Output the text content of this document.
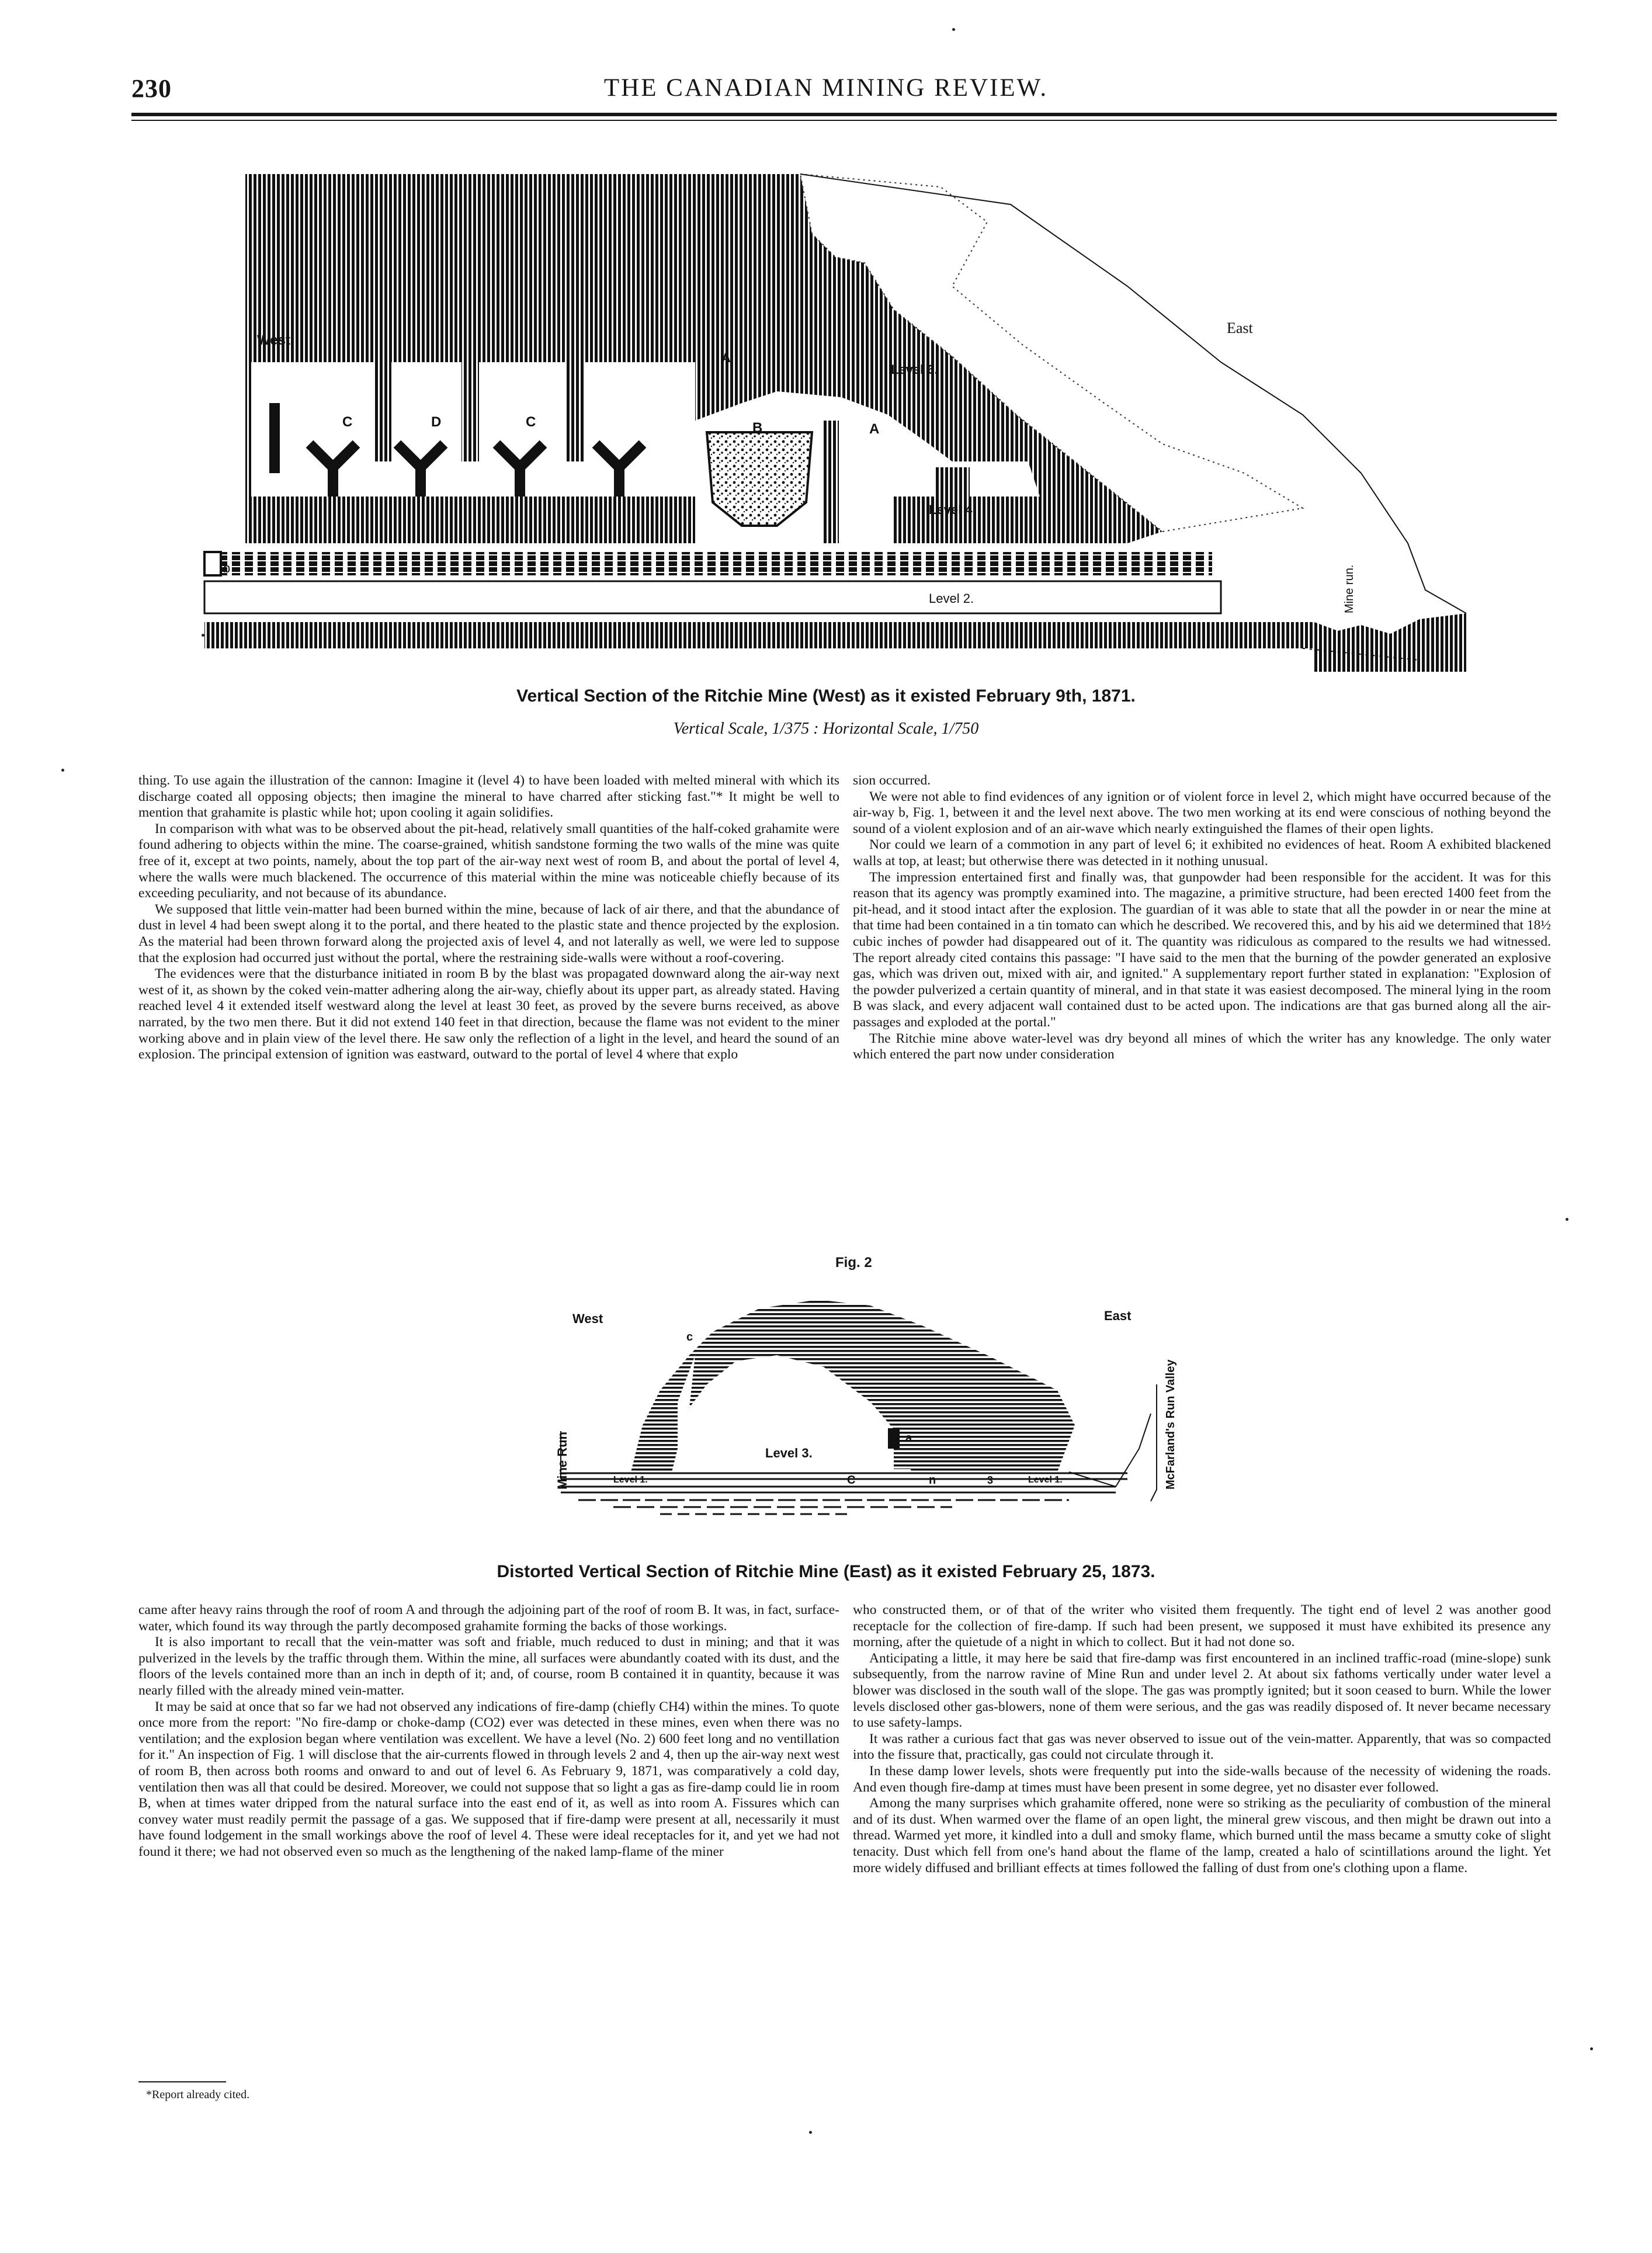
230	THE CANADIAN MINING REVIEW.
West
East
Level 6.
Level 4
Level 2.
A
A
B
C	C
D
b	Mine run.
Vertical Section of the Ritchie Mine (West) as it existed February 9th, 1871.
Vertical Scale, 1/375 : Horizontal Scale, 1/750

thing. To use again the illustration of the cannon: Imagine it (level 4) to have been loaded with melted mineral with which its discharge coated all opposing objects; then imagine the mineral to have charred after sticking fast."* It might be well to mention that grahamite is plastic while hot; upon cooling it again solidifies.

In comparison with what was to be observed about the pit-head, relatively small quantities of the half-coked grahamite were found adhering to objects within the mine. The coarse-grained, whitish sandstone forming the two walls of the mine was quite free of it, except at two points, namely, about the top part of the air-way next west of room B, and about the portal of level 4, where the walls were much blackened. The occurrence of this material within the mine was noticeable chiefly because of its exceeding peculiarity, and not because of its abundance.

We supposed that little vein-matter had been burned within the mine, because of lack of air there, and that the abundance of dust in level 4 had been swept along it to the portal, and there heated to the plastic state and thence projected by the explosion. As the material had been thrown forward along the projected axis of level 4, and not laterally as well, we were led to suppose that the explosion had occurred just without the portal, where the restraining side-walls were without a roof-covering.

The evidences were that the disturbance initiated in room B by the blast was propagated downward along the air-way next west of it, as shown by the coked vein-matter adhering along the air-way, chiefly about its upper part, as already stated. Having reached level 4 it extended itself westward along the level at least 30 feet, as proved by the severe burns received, as above narrated, by the two men there. But it did not extend 140 feet in that direction, because the flame was not evident to the miner working above and in plain view of the level there. He saw only the reflection of a light in the level, and heard the sound of an explosion. The principal extension of ignition was eastward, outward to the portal of level 4 where that explo

sion occurred.

We were not able to find evidences of any ignition or of violent force in level 2, which might have occurred because of the air-way b, Fig. 1, between it and the level next above. The two men working at its end were conscious of nothing beyond the sound of a violent explosion and of an air-wave which nearly extinguished the flames of their open lights.

Nor could we learn of a commotion in any part of level 6; it exhibited no evidences of heat. Room A exhibited blackened walls at top, at least; but otherwise there was detected in it nothing unusual.

The impression entertained first and finally was, that gunpowder had been responsible for the accident. It was for this reason that its agency was promptly examined into. The magazine, a primitive structure, had been erected 1400 feet from the pit-head, and it stood intact after the explosion. The guardian of it was able to state that all the powder in or near the mine at that time had been contained in a tin tomato can which he described. We recovered this, and by his aid we determined that 18½ cubic inches of powder had disappeared out of it. The quantity was ridiculous as compared to the results we had witnessed. The report already cited contains this passage: "I have said to the men that the burning of the powder generated an explosive gas, which was driven out, mixed with air, and ignited." A supplementary report further stated in explanation: "Explosion of the powder pulverized a certain quantity of mineral, and in that state it was easiest decomposed. The mineral lying in the room B was slack, and every adjacent wall contained dust to be acted upon. The indications are that gas burned along all the air-passages and exploded at the portal."

The Ritchie mine above water-level was dry beyond all mines of which the writer has any knowledge. The only water which entered the part now under consideration

Fig. 2
West	East
Mine Run	McFarland's Run Valley
Level 3.
Level 1.	Level 1.
c
C
a
n	3
Distorted Vertical Section of Ritchie Mine (East) as it existed February 25, 1873.

came after heavy rains through the roof of room A and through the adjoining part of the roof of room B. It was, in fact, surface-water, which found its way through the partly decomposed grahamite forming the backs of those workings.

It is also important to recall that the vein-matter was soft and friable, much reduced to dust in mining; and that it was pulverized in the levels by the traffic through them. Within the mine, all surfaces were abundantly coated with its dust, and the floors of the levels contained more than an inch in depth of it; and, of course, room B contained it in quantity, because it was nearly filled with the already mined vein-matter.

It may be said at once that so far we had not observed any indications of fire-damp (chiefly CH4) within the mines. To quote once more from the report: "No fire-damp or choke-damp (CO2) ever was detected in these mines, even when there was no ventilation; and the explosion began where ventilation was excellent. We have a level (No. 2) 600 feet long and no ventillation for it." An inspection of Fig. 1 will disclose that the air-currents flowed in through levels 2 and 4, then up the air-way next west of room B, then across both rooms and onward to and out of level 6. As February 9, 1871, was comparatively a cold day, ventilation then was all that could be desired. Moreover, we could not suppose that so light a gas as fire-damp could lie in room B, when at times water dripped from the natural surface into the east end of it, as well as into room A. Fissures which can convey water must readily permit the passage of a gas. We supposed that if fire-damp were present at all, necessarily it must have found lodgement in the small workings above the roof of level 4. These were ideal receptacles for it, and yet we had not found it there; we had not observed even so much as the lengthening of the naked lamp-flame of the miner

who constructed them, or of that of the writer who visited them frequently. The tight end of level 2 was another good receptacle for the collection of fire-damp. If such had been present, we supposed it must have exhibited its presence any morning, after the quietude of a night in which to collect. But it had not done so.

Anticipating a little, it may here be said that fire-damp was first encountered in an inclined traffic-road (mine-slope) sunk subsequently, from the narrow ravine of Mine Run and under level 2. At about six fathoms vertically under water level a blower was disclosed in the south wall of the slope. The gas was promptly ignited; but it soon ceased to burn. While the lower levels disclosed other gas-blowers, none of them were serious, and the gas was readily disposed of. It never became necessary to use safety-lamps.

It was rather a curious fact that gas was never observed to issue out of the vein-matter. Apparently, that was so compacted into the fissure that, practically, gas could not circulate through it.

In these damp lower levels, shots were frequently put into the side-walls because of the necessity of widening the roads. And even though fire-damp at times must have been present in some degree, yet no disaster ever followed.

Among the many surprises which grahamite offered, none were so striking as the peculiarity of combustion of the mineral and of its dust. When warmed over the flame of an open light, the mineral grew viscous, and then might be drawn out into a thread. Warmed yet more, it kindled into a dull and smoky flame, which burned until the mass became a smutty coke of slight tenacity. Dust which fell from one's hand about the flame of the lamp, created a halo of scintillations around the light. Yet more widely diffused and brilliant effects at times followed the falling of dust from one's clothing upon a flame.

*Report already cited.
